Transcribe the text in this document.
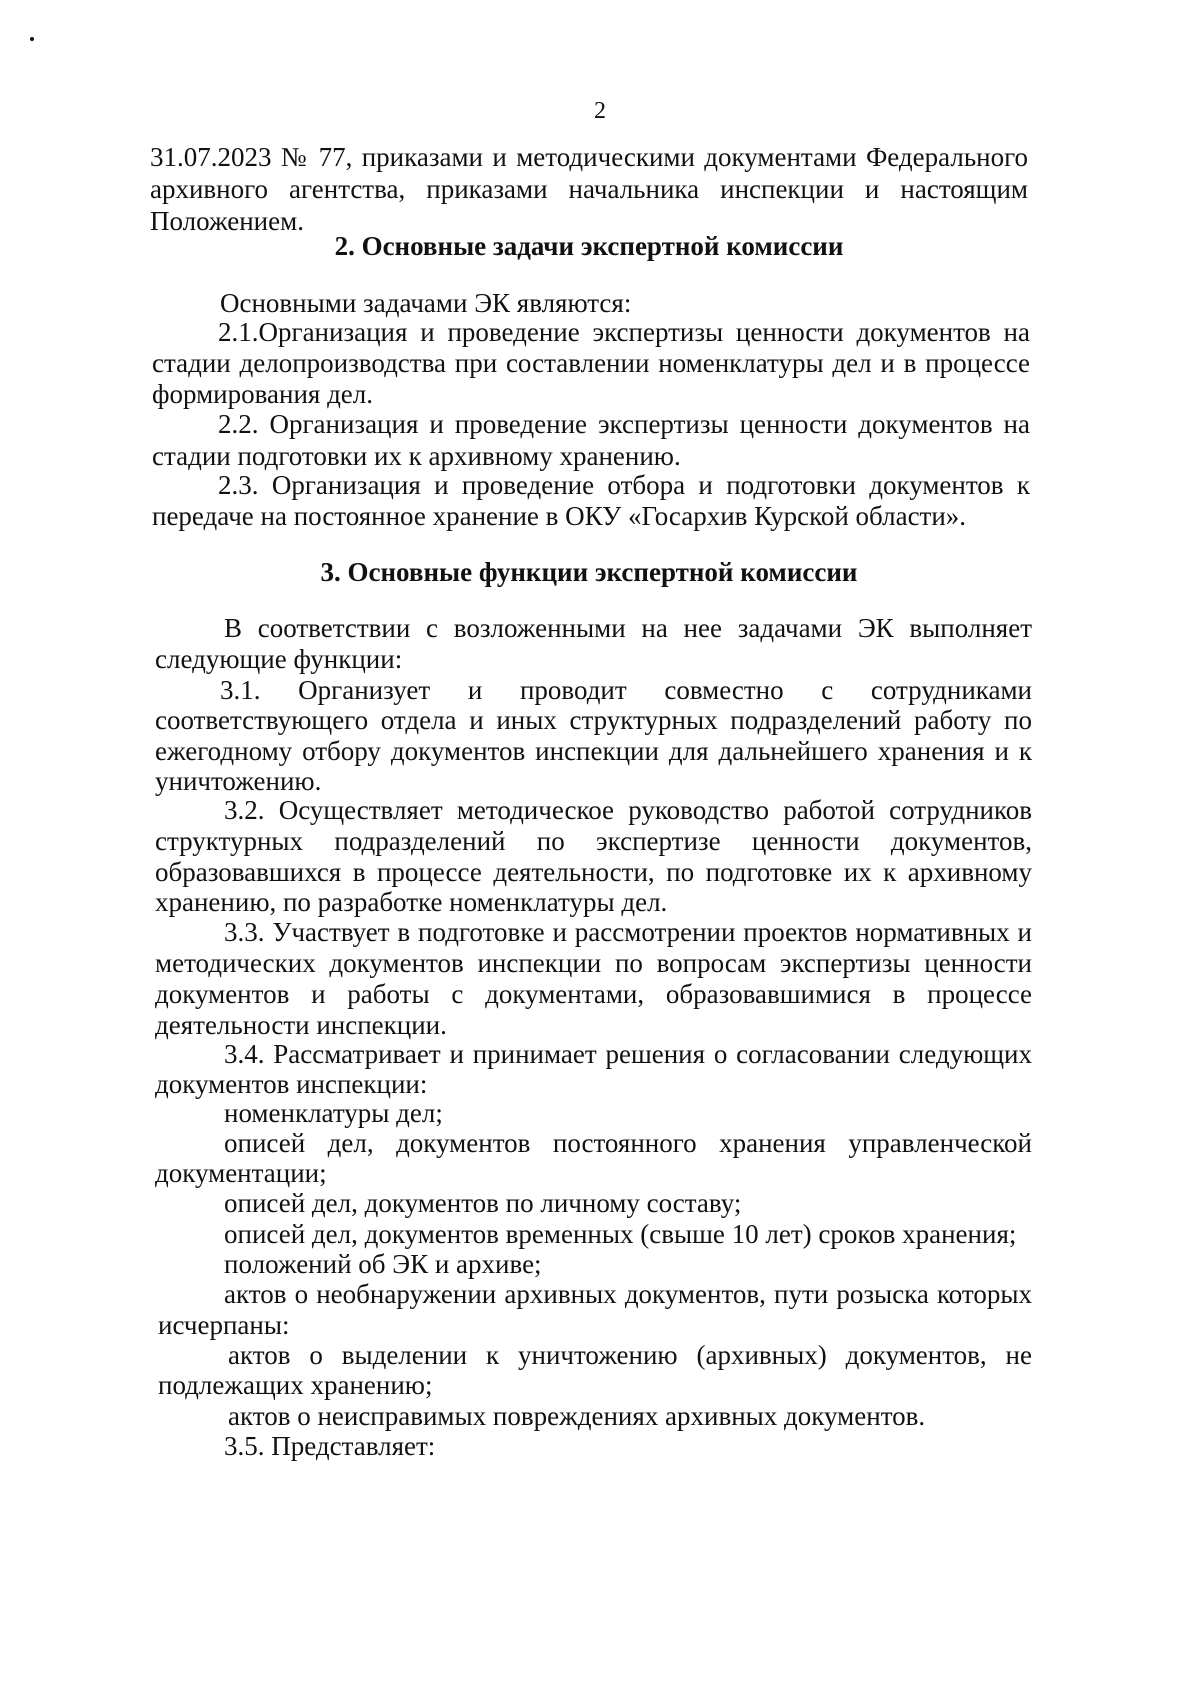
2
31.07.2023 № 77, приказами и методическими документами Федерального
архивного агентства, приказами начальника инспекции и настоящим
Положением.
2. Основные задачи экспертной комиссии
Основными задачами ЭК являются:
2.1.Организация и проведение экспертизы ценности документов на
стадии делопроизводства при составлении номенклатуры дел и в процессе
формирования дел.
2.2. Организация и проведение экспертизы ценности документов на
стадии подготовки их к архивному хранению.
2.3. Организация и проведение отбора и подготовки документов к
передаче на постоянное хранение в ОКУ «Госархив Курской области».
3. Основные функции экспертной комиссии
В соответствии с возложенными на нее задачами ЭК выполняет
следующие функции:
3.1. Организует и проводит совместно с сотрудниками
соответствующего отдела и иных структурных подразделений работу по
ежегодному отбору документов инспекции для дальнейшего хранения и к
уничтожению.
3.2. Осуществляет методическое руководство работой сотрудников
структурных подразделений по экспертизе ценности документов,
образовавшихся в процессе деятельности, по подготовке их к архивному
хранению, по разработке номенклатуры дел.
3.3. Участвует в подготовке и рассмотрении проектов нормативных и
методических документов инспекции по вопросам экспертизы ценности
документов и работы с документами, образовавшимися в процессе
деятельности инспекции.
3.4. Рассматривает и принимает решения о согласовании следующих
документов инспекции:
номенклатуры дел;
описей дел, документов постоянного хранения управленческой
документации;
описей дел, документов по личному составу;
описей дел, документов временных (свыше 10 лет) сроков хранения;
положений об ЭК и архиве;
актов о необнаружении архивных документов, пути розыска которых
исчерпаны:
актов о выделении к уничтожению (архивных) документов, не
подлежащих хранению;
актов о неисправимых повреждениях архивных документов.
3.5. Представляет:
